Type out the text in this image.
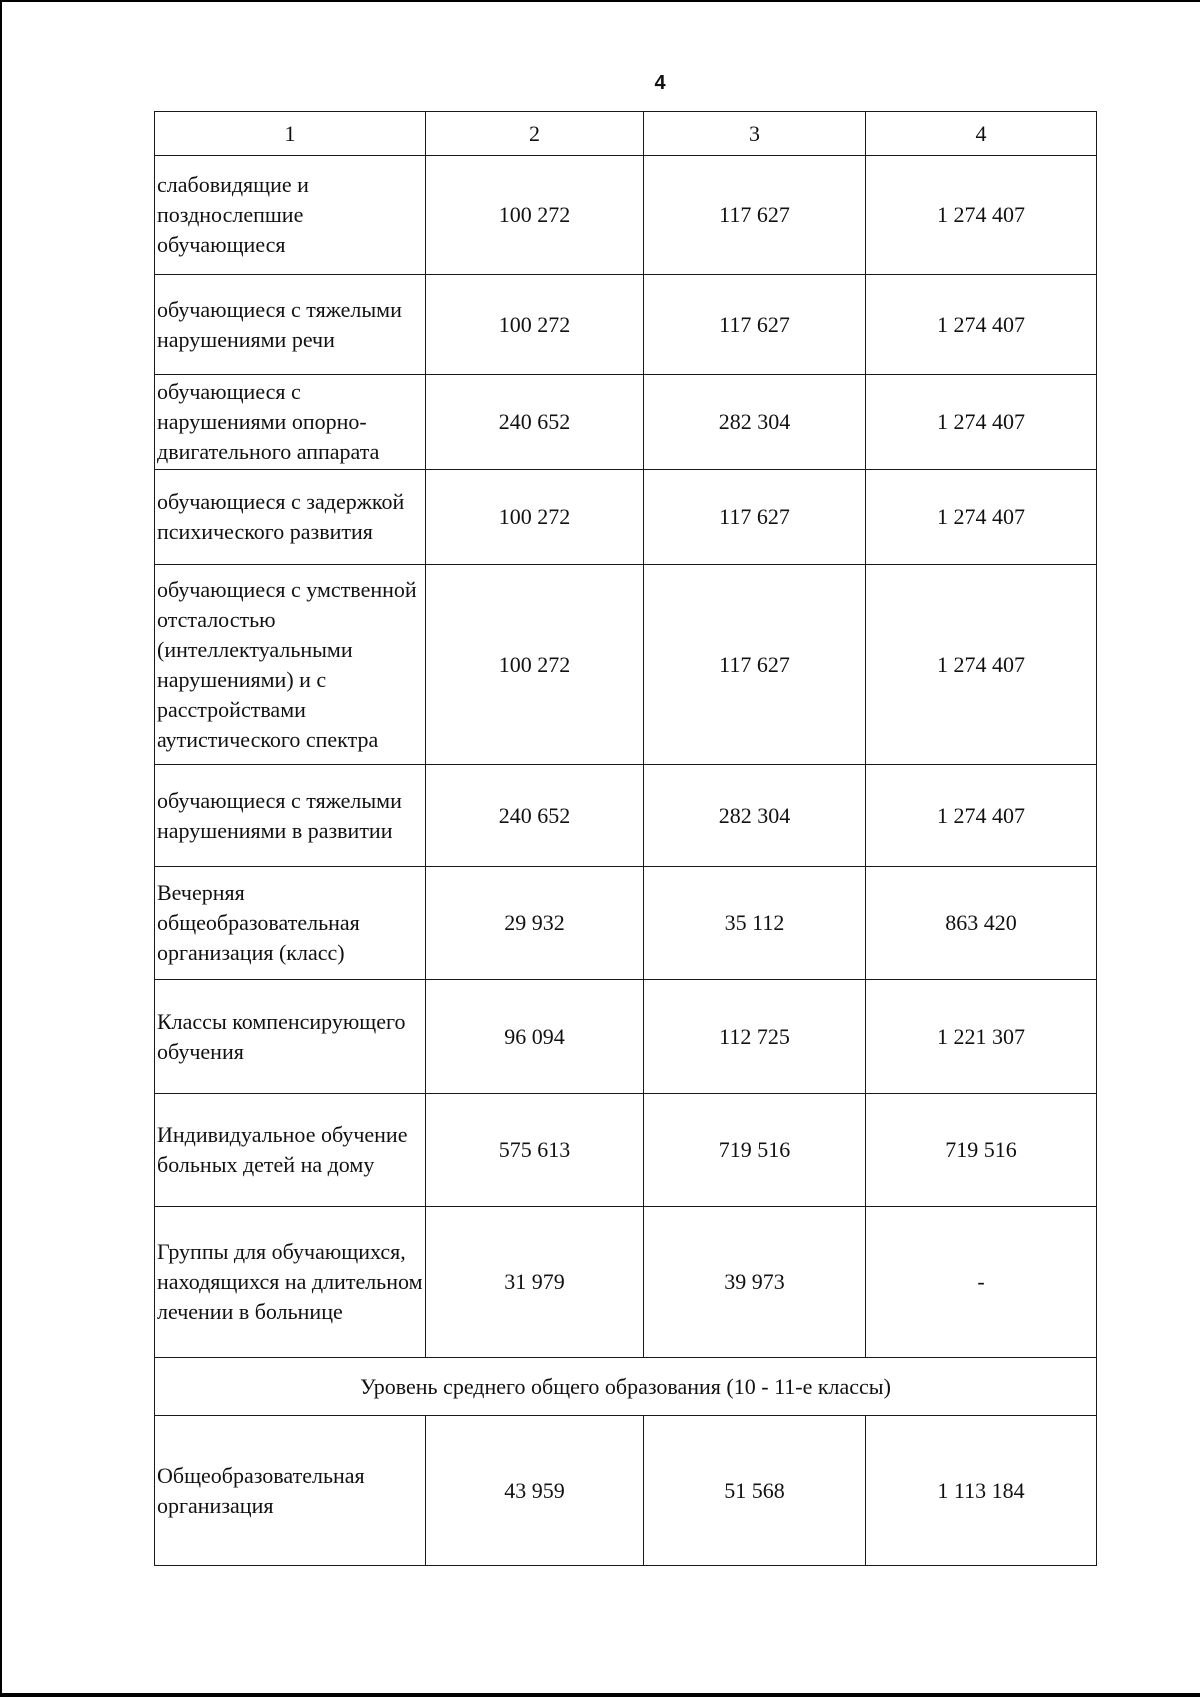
4
1	2	3	4
слабовидящие и позднослепшие обучающиеся	100 272	117 627	1 274 407
обучающиеся с тяжелыми нарушениями речи	100 272	117 627	1 274 407
обучающиеся с нарушениями опорно-двигательного аппарата	240 652	282 304	1 274 407
обучающиеся с задержкой психического развития	100 272	117 627	1 274 407
обучающиеся с умственной отсталостью (интеллектуальными нарушениями) и с расстройствами аутистического спектра	100 272	117 627	1 274 407
обучающиеся с тяжелыми нарушениями в развитии	240 652	282 304	1 274 407
Вечерняя общеобразовательная организация (класс)	29 932	35 112	863 420
Классы компенсирующего обучения	96 094	112 725	1 221 307
Индивидуальное обучение больных детей на дому	575 613	719 516	719 516
Группы для обучающихся, находящихся на длительном лечении в больнице	31 979	39 973	-
Уровень среднего общего образования (10 - 11-е классы)			
Общеобразовательная организация	43 959	51 568	1 113 184
